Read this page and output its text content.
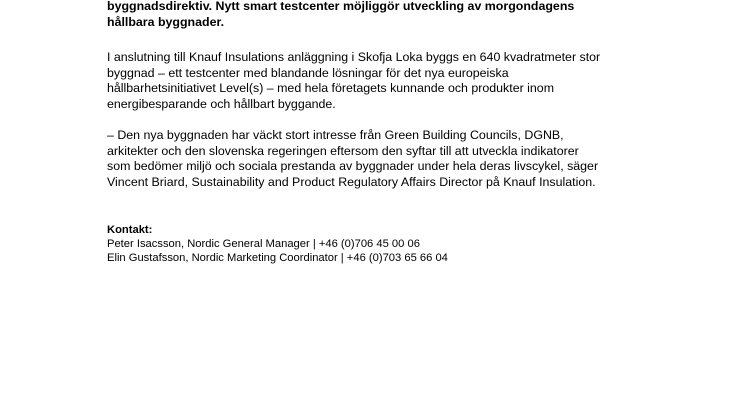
byggnadsdirektiv. Nytt smart testcenter möjliggör utveckling av morgondagens
hållbara byggnader.

I anslutning till Knauf Insulations anläggning i Skofja Loka byggs en 640 kvadratmeter stor
byggnad – ett testcenter med blandande lösningar för det nya europeiska
hållbarhetsinitiativet Level(s) – med hela företagets kunnande och produkter inom
energibesparande och hållbart byggande.

– Den nya byggnaden har väckt stort intresse från Green Building Councils, DGNB,
arkitekter och den slovenska regeringen eftersom den syftar till att utveckla indikatorer
som bedömer miljö och sociala prestanda av byggnader under hela deras livscykel, säger
Vincent Briard, Sustainability and Product Regulatory Affairs Director på Knauf Insulation.

Kontakt:
Peter Isacsson, Nordic General Manager | +46 (0)706 45 00 06
Elin Gustafsson, Nordic Marketing Coordinator | +46 (0)703 65 66 04
